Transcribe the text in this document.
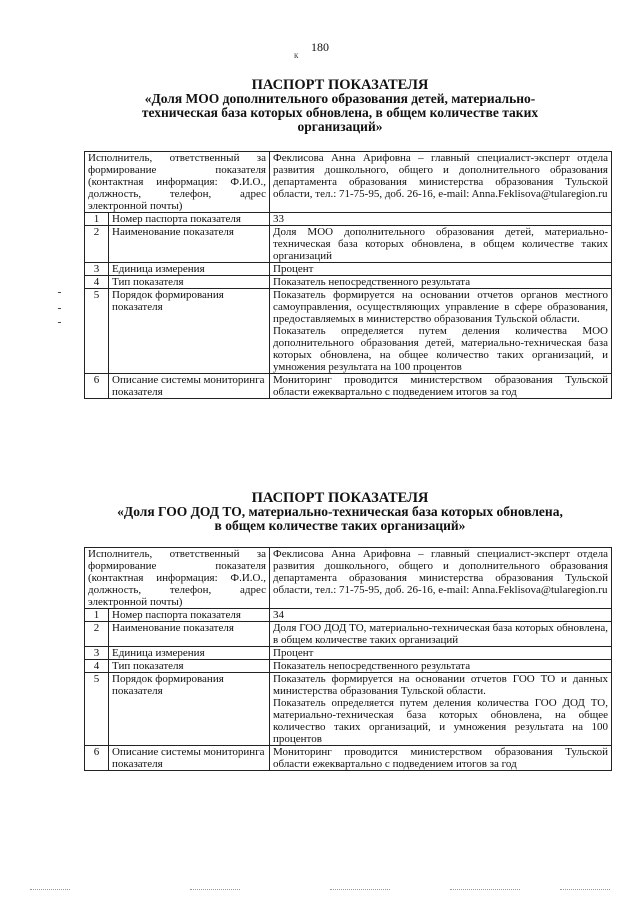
180
к
ПАСПОРТ ПОКАЗАТЕЛЯ
«Доля МОО дополнительного образования детей, материально-
техническая база которых обновлена, в общем количестве таких
организаций»
Исполнитель, ответственный за формирование показателя (контактная информация: Ф.И.О., должность, телефон, адрес электронной почты)		Феклисова Анна Арифовна – главный специалист-эксперт отдела развития дошкольного, общего и дополнительного образования департамента образования министерства образования Тульской области, тел.: 71-75-95, доб. 26-16, e-mail: Anna.Feklisova@tularegion.ru
1	Номер паспорта показателя	33
2	Наименование показателя	Доля МОО дополнительного образования детей, материально-техническая база которых обновлена, в общем количестве таких организаций
3	Единица измерения	Процент
4	Тип показателя	Показатель непосредственного результата
5	Порядок формирования показателя	Показатель формируется на основании отчетов органов местного самоуправления, осуществляющих управление в сфере образования, предоставляемых в министерство образования Тульской области.
Показатель определяется путем деления количества МОО дополнительного образования детей, материально-техническая база которых обновлена, на общее количество таких организаций, и умножения результата на 100 процентов

6	Описание системы мониторинга показателя	Мониторинг проводится министерством образования Тульской области ежеквартально с подведением итогов за год
ПАСПОРТ ПОКАЗАТЕЛЯ
«Доля ГОО ДОД ТО, материально-техническая база которых обновлена,
в общем количестве таких организаций»
Исполнитель, ответственный за формирование показателя (контактная информация: Ф.И.О., должность, телефон, адрес электронной почты)		Феклисова Анна Арифовна – главный специалист-эксперт отдела развития дошкольного, общего и дополнительного образования департамента образования министерства образования Тульской области, тел.: 71-75-95, доб. 26-16, e-mail: Anna.Feklisova@tularegion.ru
1	Номер паспорта показателя	34
2	Наименование показателя	Доля ГОО ДОД ТО, материально-техническая база которых обновлена, в общем количестве таких организаций
3	Единица измерения	Процент
4	Тип показателя	Показатель непосредственного результата
5	Порядок формирования показателя	Показатель формируется на основании отчетов ГОО ТО и данных министерства образования Тульской области.
Показатель определяется путем деления количества ГОО ДОД ТО, материально-техническая база которых обновлена, на общее количество таких организаций, и умножения результата на 100 процентов

6	Описание системы мониторинга показателя	Мониторинг проводится министерством образования Тульской области ежеквартально с подведением итогов за год
